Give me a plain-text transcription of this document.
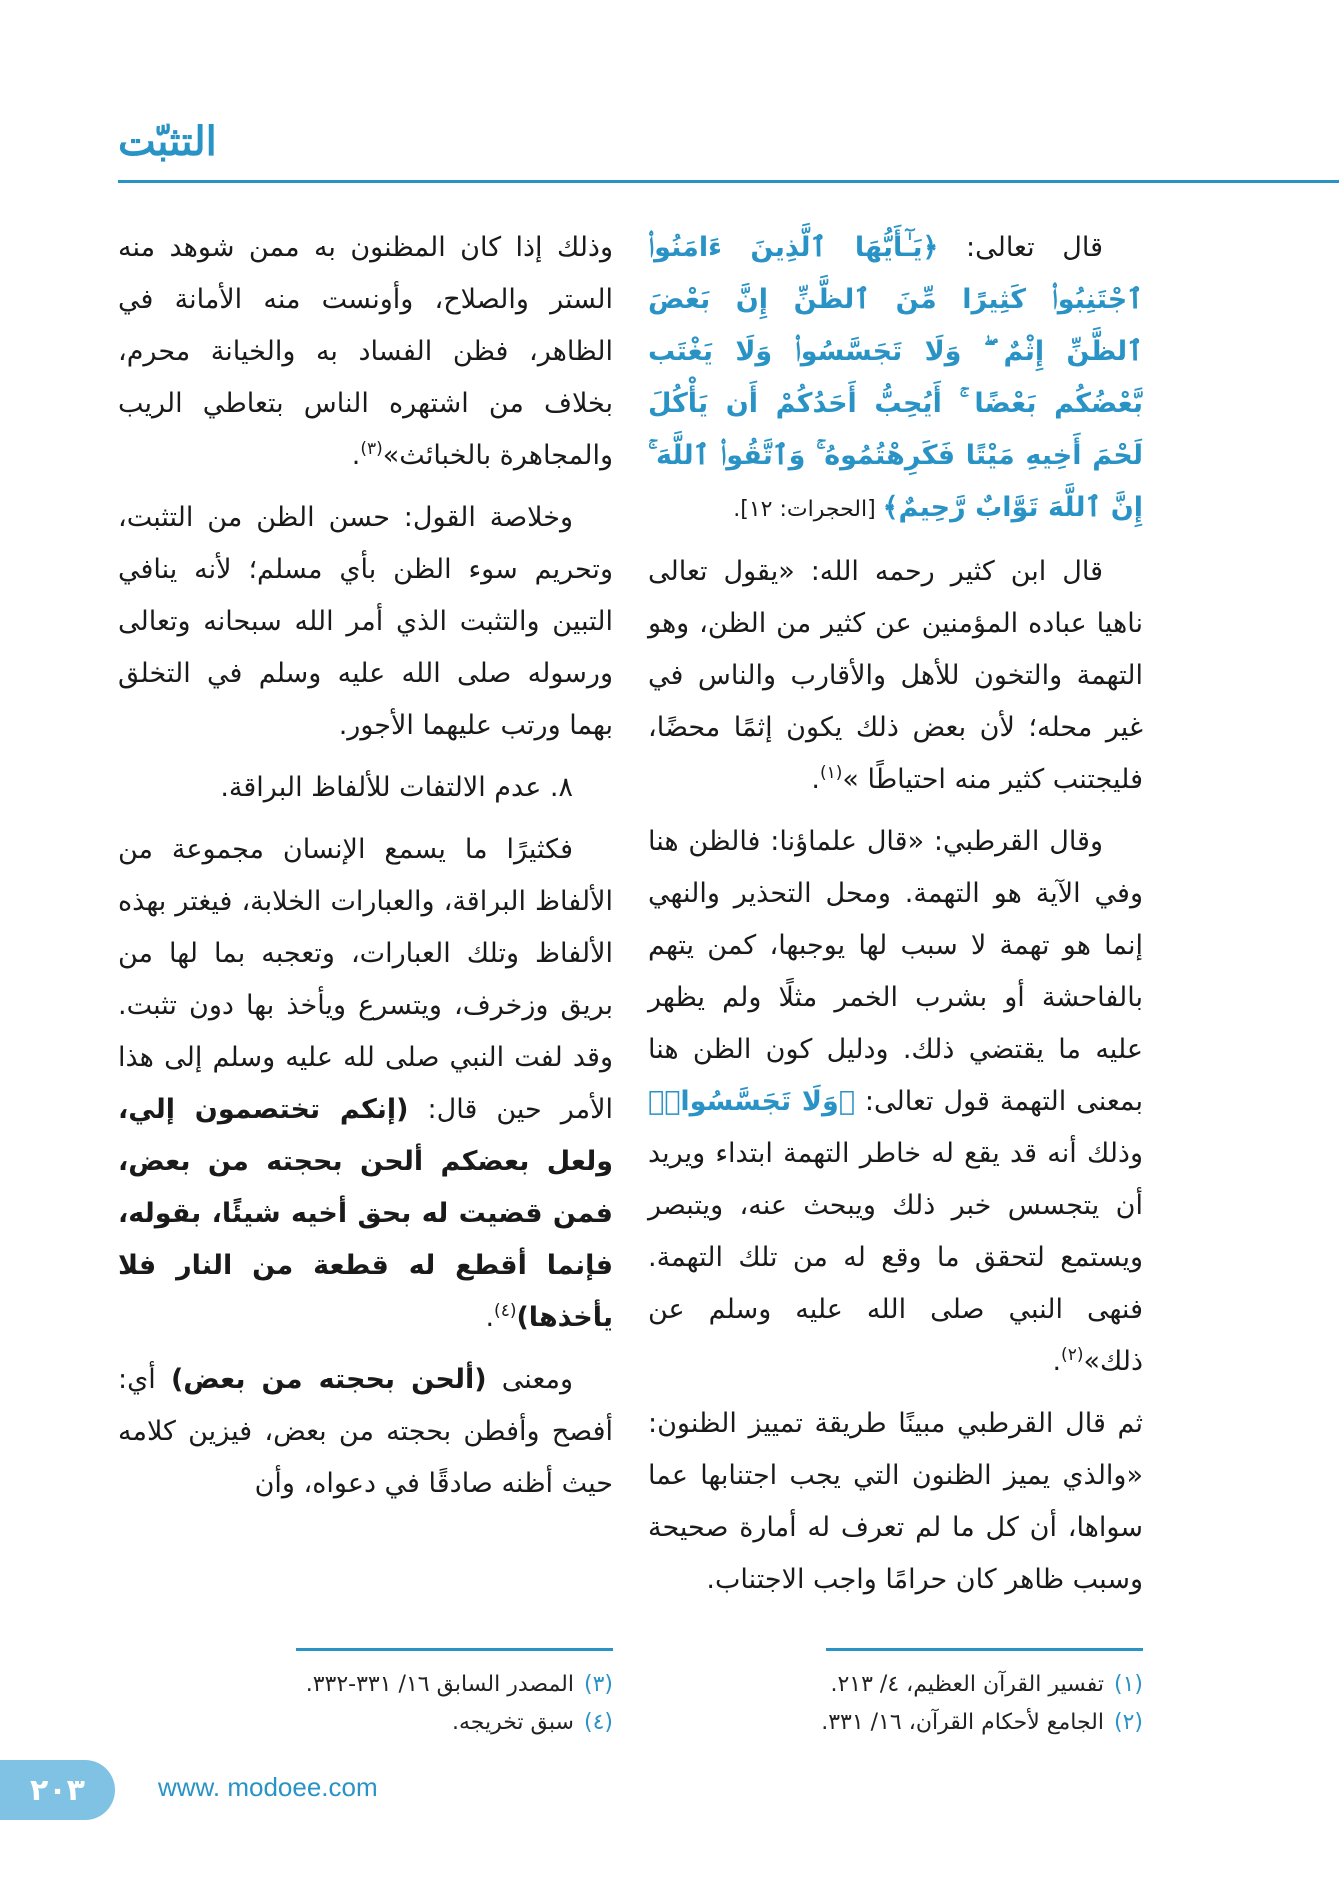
التثبّت

قال تعالى: ﴿يَـٰٓأَيُّهَا ٱلَّذِينَ ءَامَنُوا۟ ٱجْتَنِبُوا۟ كَثِيرًا مِّنَ ٱلظَّنِّ إِنَّ بَعْضَ ٱلظَّنِّ إِثْمٌ ۖ وَلَا تَجَسَّسُوا۟ وَلَا يَغْتَب بَّعْضُكُم بَعْضًا ۚ أَيُحِبُّ أَحَدُكُمْ أَن يَأْكُلَ لَحْمَ أَخِيهِ مَيْتًا فَكَرِهْتُمُوهُ ۚ وَٱتَّقُوا۟ ٱللَّهَ ۚ إِنَّ ٱللَّهَ تَوَّابٌ رَّحِيمٌ﴾ [الحجرات: ١٢].

قال ابن كثير رحمه الله: «يقول تعالى ناهيا عباده المؤمنين عن كثير من الظن، وهو التهمة والتخون للأهل والأقارب والناس في غير محله؛ لأن بعض ذلك يكون إثمًا محضًا، فليجتنب كثير منه احتياطًا »$^{(١)}$.

وقال القرطبي: «قال علماؤنا: فالظن هنا وفي الآية هو التهمة. ومحل التحذير والنهي إنما هو تهمة لا سبب لها يوجبها، كمن يتهم بالفاحشة أو بشرب الخمر مثلًا ولم يظهر عليه ما يقتضي ذلك. ودليل كون الظن هنا بمعنى التهمة قول تعالى: ﴿وَلَا تَجَسَّسُوا۟﴾ وذلك أنه قد يقع له خاطر التهمة ابتداء ويريد أن يتجسس خبر ذلك ويبحث عنه، ويتبصر ويستمع لتحقق ما وقع له من تلك التهمة. فنهى النبي صلى الله عليه وسلم عن ذلك»$^{(٢)}$.

ثم قال القرطبي مبينًا طريقة تمييز الظنون: «والذي يميز الظنون التي يجب اجتنابها عما سواها، أن كل ما لم تعرف له أمارة صحيحة وسبب ظاهر كان حرامًا واجب الاجتناب.

وذلك إذا كان المظنون به ممن شوهد منه الستر والصلاح، وأونست منه الأمانة في الظاهر، فظن الفساد به والخيانة محرم، بخلاف من اشتهره الناس بتعاطي الريب والمجاهرة بالخبائث»$^{(٣)}$.

وخلاصة القول: حسن الظن من التثبت، وتحريم سوء الظن بأي مسلم؛ لأنه ينافي التبين والتثبت الذي أمر الله سبحانه وتعالى ورسوله صلى الله عليه وسلم في التخلق بهما ورتب عليهما الأجور.

٨. عدم الالتفات للألفاظ البراقة.

فكثيرًا ما يسمع الإنسان مجموعة من الألفاظ البراقة، والعبارات الخلابة، فيغتر بهذه الألفاظ وتلك العبارات، وتعجبه بما لها من بريق وزخرف، ويتسرع ويأخذ بها دون تثبت. وقد لفت النبي صلى لله عليه وسلم إلى هذا الأمر حين قال: (إنكم تختصمون إلي، ولعل بعضكم ألحن بحجته من بعض، فمن قضيت له بحق أخيه شيئًا، بقوله، فإنما أقطع له قطعة من النار فلا يأخذها)$^{(٤)}$.

ومعنى (ألحن بحجته من بعض) أي: أفصح وأفطن بحجته من بعض، فيزين كلامه حيث أظنه صادقًا في دعواه، وأن

(١)تفسير القرآن العظيم، ٤/ ٢١٣.
(٢)الجامع لأحكام القرآن، ١٦/ ٣٣١.
(٣)المصدر السابق ١٦/ ٣٣١-٣٣٢.
(٤)سبق تخريجه.
٢٠٣	www. modoee.com
